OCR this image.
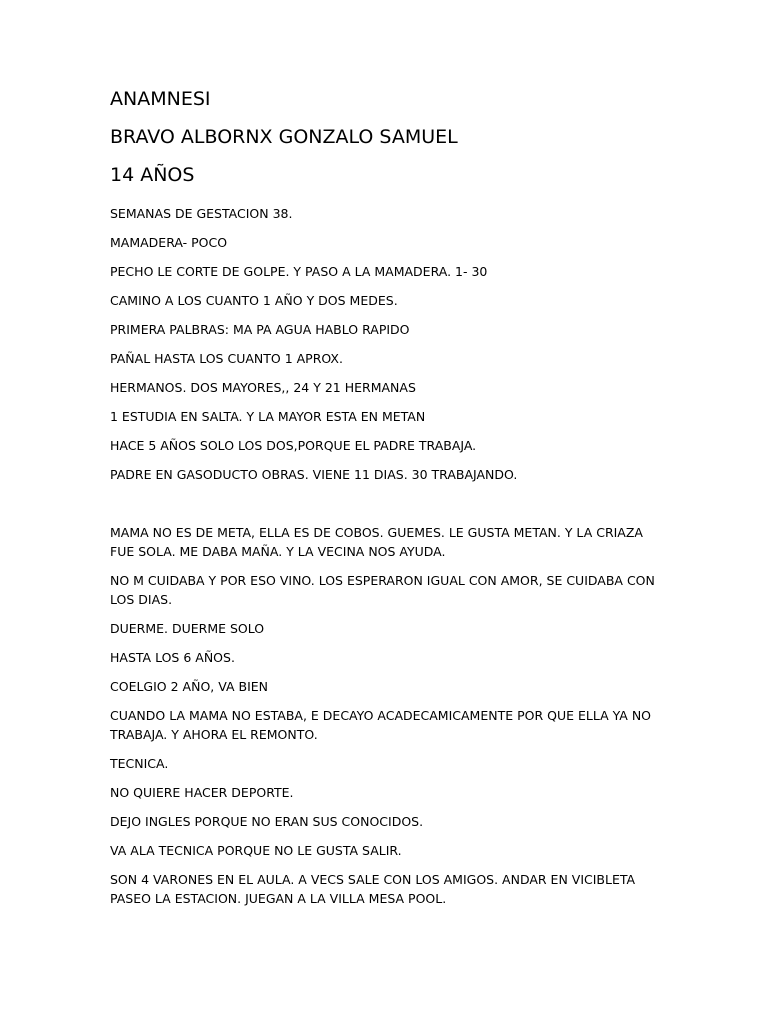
ANAMNESI
BRAVO ALBORNX GONZALO SAMUEL
14 AÑOS

SEMANAS DE GESTACION 38.

MAMADERA- POCO

PECHO LE CORTE DE GOLPE. Y PASO A LA MAMADERA. 1- 30

CAMINO A LOS CUANTO 1 AÑO Y DOS MEDES.

PRIMERA PALBRAS: MA PA AGUA HABLO RAPIDO

PAÑAL HASTA LOS CUANTO 1 APROX.

HERMANOS. DOS MAYORES,, 24 Y 21 HERMANAS

1 ESTUDIA EN SALTA. Y LA MAYOR ESTA EN METAN

HACE 5 AÑOS SOLO LOS DOS,PORQUE EL PADRE TRABAJA.

PADRE EN GASODUCTO OBRAS. VIENE 11 DIAS. 30 TRABAJANDO.

MAMA NO ES DE META, ELLA ES DE COBOS. GUEMES. LE GUSTA METAN. Y LA CRIAZA FUE SOLA. ME DABA MAÑA. Y LA VECINA NOS AYUDA.

NO M CUIDABA Y POR ESO VINO. LOS ESPERARON IGUAL CON AMOR, SE CUIDABA CON LOS DIAS.

DUERME. DUERME SOLO

HASTA LOS 6 AÑOS.

COELGIO 2 AÑO, VA BIEN

CUANDO LA MAMA NO ESTABA, E DECAYO ACADECAMICAMENTE POR QUE ELLA YA NO TRABAJA. Y AHORA EL REMONTO.

TECNICA.

NO QUIERE HACER DEPORTE.

DEJO INGLES PORQUE NO ERAN SUS CONOCIDOS.

VA ALA TECNICA PORQUE NO LE GUSTA SALIR.

SON 4 VARONES EN EL AULA. A VECS SALE CON LOS AMIGOS. ANDAR EN VICIBLETA PASEO LA ESTACION. JUEGAN A LA VILLA MESA POOL.
